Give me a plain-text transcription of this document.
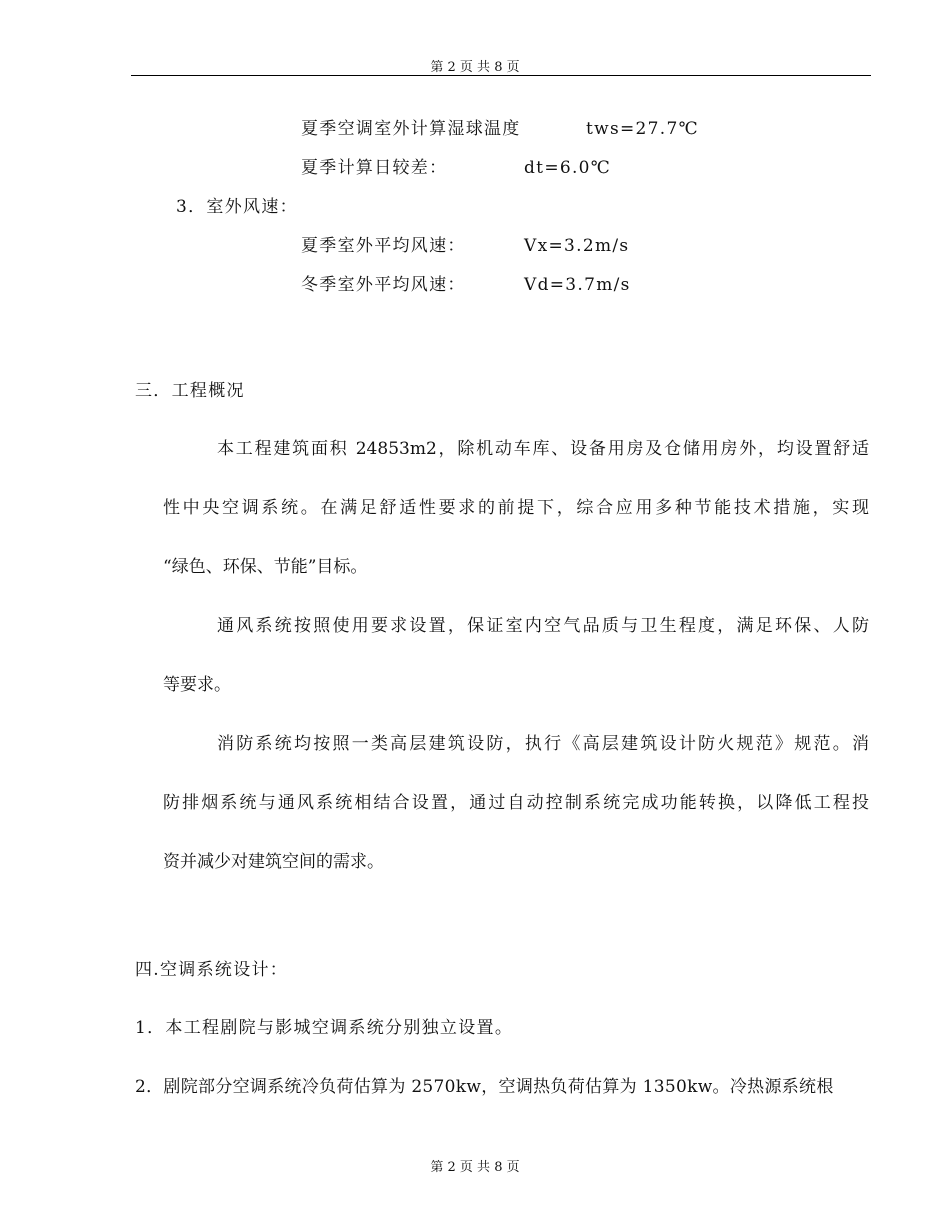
第 2 页 共 8 页
夏季空调室外计算湿球温度	tws=27.7℃
夏季计算日较差：	dt=6.0℃
3．室外风速：
夏季室外平均风速：	Vx=3.2m/s
冬季室外平均风速：	Vd=3.7m/s
三．工程概况
本工程建筑面积 24853m2，除机动车库、设备用房及仓储用房外，均设置舒适
性中央空调系统。在满足舒适性要求的前提下，综合应用多种节能技术措施，实现
“绿色、环保、节能”目标。
通风系统按照使用要求设置，保证室内空气品质与卫生程度，满足环保、人防
等要求。
消防系统均按照一类高层建筑设防，执行《高层建筑设计防火规范》规范。消
防排烟系统与通风系统相结合设置，通过自动控制系统完成功能转换，以降低工程投
资并减少对建筑空间的需求。
四.空调系统设计：
1．本工程剧院与影城空调系统分别独立设置。
2．剧院部分空调系统冷负荷估算为 2570kw，空调热负荷估算为 1350kw。冷热源系统根
第 2 页 共 8 页
